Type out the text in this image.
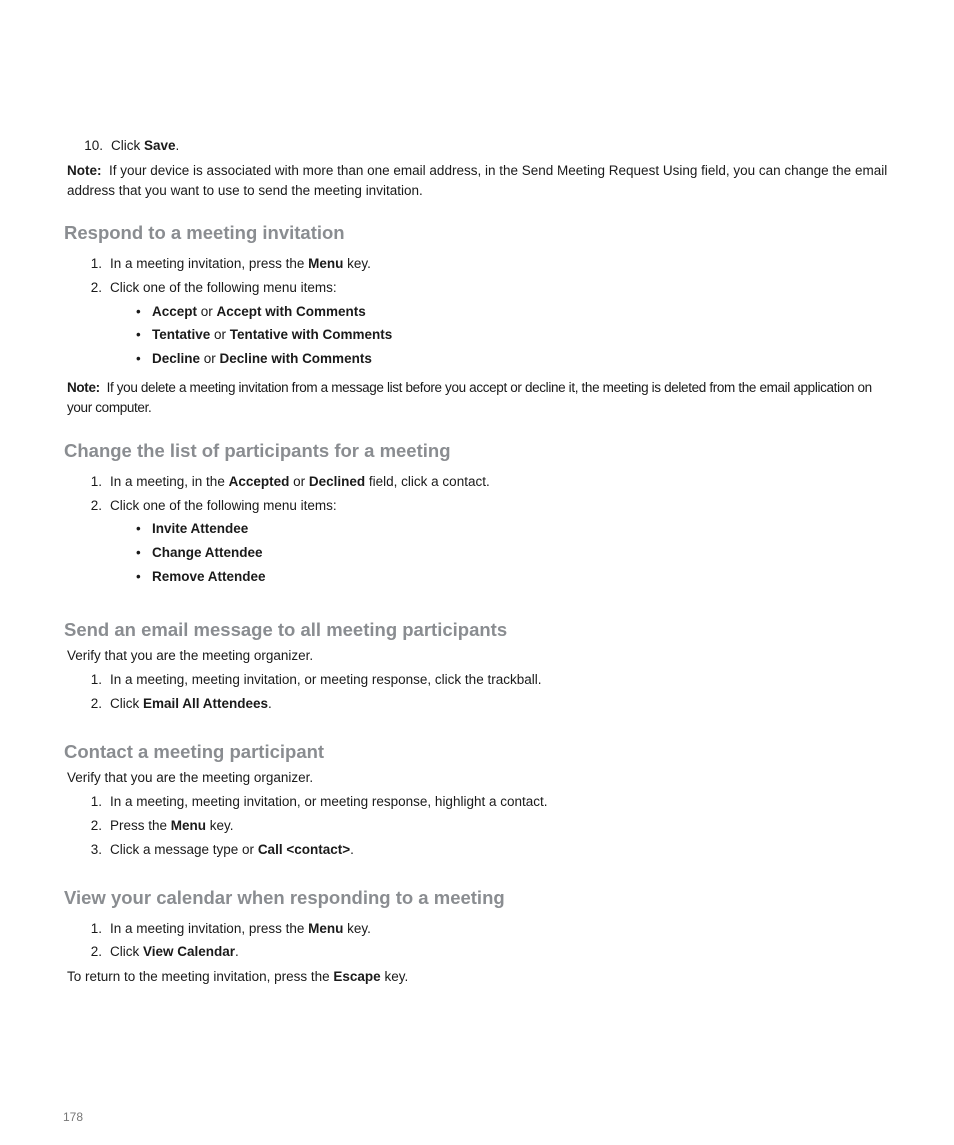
10. Click Save.
Note: If your device is associated with more than one email address, in the Send Meeting Request Using field, you can change the email address that you want to use to send the meeting invitation.
Respond to a meeting invitation
1. In a meeting invitation, press the Menu key.
2. Click one of the following menu items:
• Accept or Accept with Comments
• Tentative or Tentative with Comments
• Decline or Decline with Comments
Note: If you delete a meeting invitation from a message list before you accept or decline it, the meeting is deleted from the email application on your computer.
Change the list of participants for a meeting
1. In a meeting, in the Accepted or Declined field, click a contact.
2. Click one of the following menu items:
• Invite Attendee
• Change Attendee
• Remove Attendee
Send an email message to all meeting participants
Verify that you are the meeting organizer.
1. In a meeting, meeting invitation, or meeting response, click the trackball.
2. Click Email All Attendees.
Contact a meeting participant
Verify that you are the meeting organizer.
1. In a meeting, meeting invitation, or meeting response, highlight a contact.
2. Press the Menu key.
3. Click a message type or Call <contact>.
View your calendar when responding to a meeting
1. In a meeting invitation, press the Menu key.
2. Click View Calendar.
To return to the meeting invitation, press the Escape key.
178
